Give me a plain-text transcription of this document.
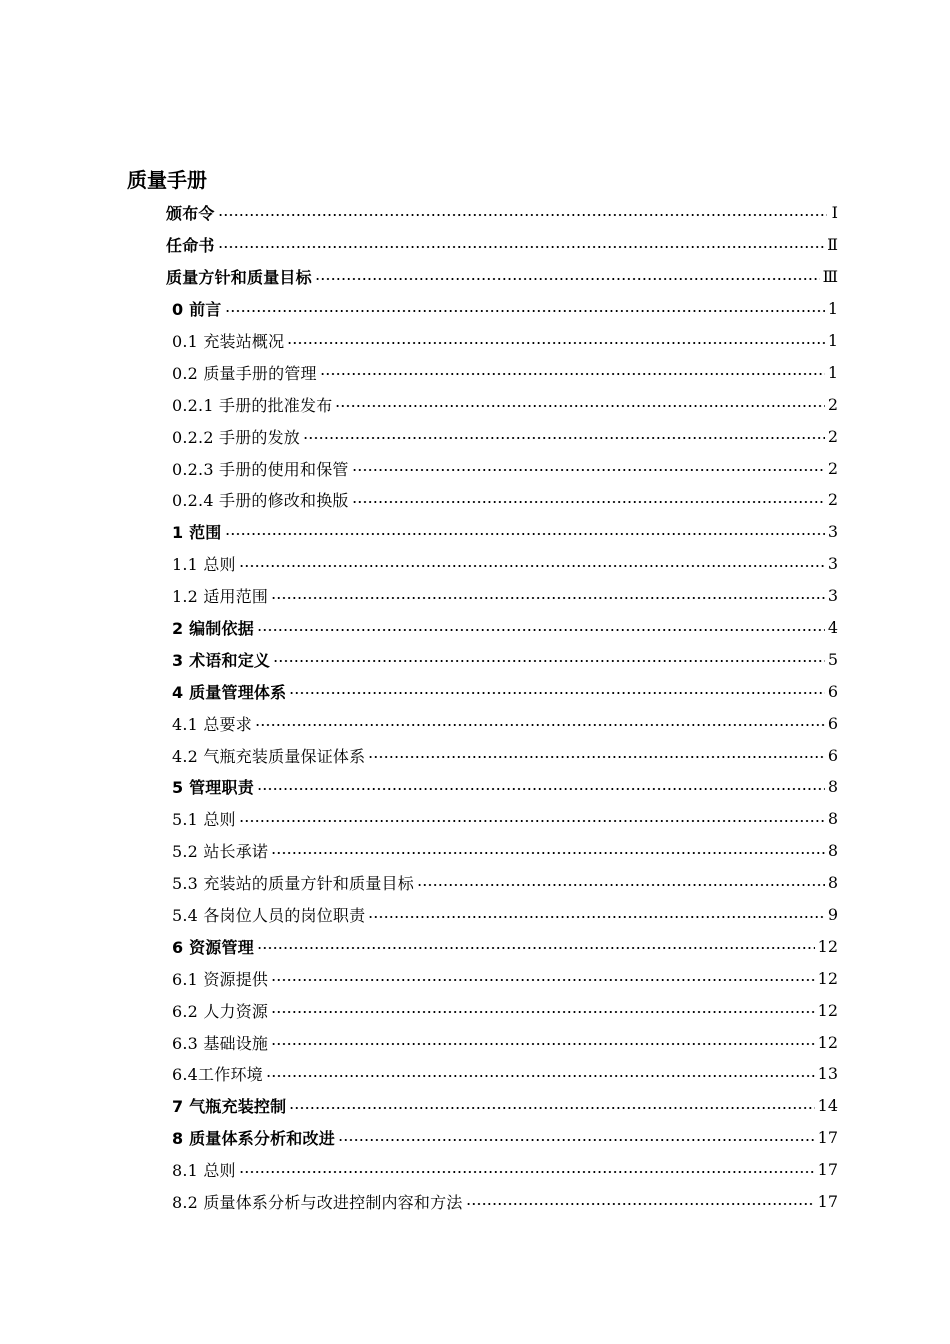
质量手册
颁布令	Ⅰ
任命书	Ⅱ
质量方针和质量目标	Ⅲ
0 前言	1
0.1 充装站概况	1
0.2 质量手册的管理	1
0.2.1 手册的批准发布	2
0.2.2 手册的发放	2
0.2.3 手册的使用和保管	2
0.2.4 手册的修改和换版	2
1 范围	3
1.1 总则	3
1.2 适用范围	3
2 编制依据	4
3 术语和定义	5
4 质量管理体系	6
4.1 总要求	6
4.2 气瓶充装质量保证体系	6
5 管理职责	8
5.1 总则	8
5.2 站长承诺	8
5.3 充装站的质量方针和质量目标	8
5.4 各岗位人员的岗位职责	9
6 资源管理	12
6.1 资源提供	12
6.2 人力资源	12
6.3 基础设施	12
6.4工作环境	13
7 气瓶充装控制	14
8 质量体系分析和改进	17
8.1 总则	17
8.2 质量体系分析与改进控制内容和方法	17
